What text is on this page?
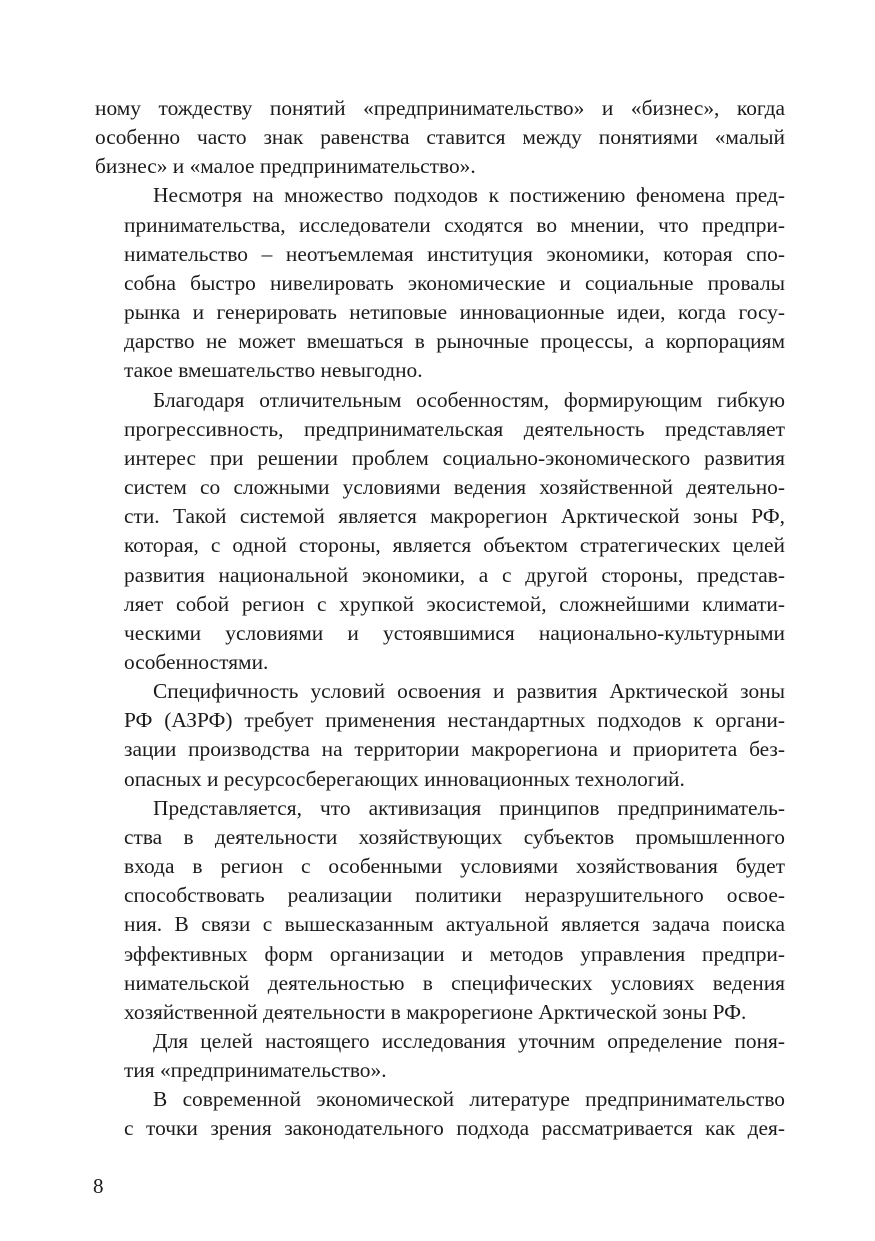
ному тождеству понятий «предпринимательство» и «бизнес», когда
особенно часто знак равенства ставится между понятиями «малый
бизнес» и «малое предпринимательство».
Несмотря на множество подходов к постижению феномена пред-
принимательства, исследователи сходятся во мнении, что предпри-
нимательство – неотъемлемая институция экономики, которая спо-
собна быстро нивелировать экономические и социальные провалы
рынка и генерировать нетиповые инновационные идеи, когда госу-
дарство не может вмешаться в рыночные процессы, а корпорациям
такое вмешательство невыгодно.
Благодаря отличительным особенностям, формирующим гибкую
прогрессивность, предпринимательская деятельность представляет
интерес при решении проблем социально-экономического развития
систем со сложными условиями ведения хозяйственной деятельно-
сти. Такой системой является макрорегион Арктической зоны РФ,
которая, с одной стороны, является объектом стратегических целей
развития национальной экономики, а с другой стороны, представ-
ляет собой регион с хрупкой экосистемой, сложнейшими климати-
ческими условиями и устоявшимися национально-культурными
особенностями.
Специфичность условий освоения и развития Арктической зоны
РФ (АЗРФ) требует применения нестандартных подходов к органи-
зации производства на территории макрорегиона и приоритета без-
опасных и ресурсосберегающих инновационных технологий.
Представляется, что активизация принципов предприниматель-
ства в деятельности хозяйствующих субъектов промышленного
входа в регион с особенными условиями хозяйствования будет
способствовать реализации политики неразрушительного освое-
ния. В связи с вышесказанным актуальной является задача поиска
эффективных форм организации и методов управления предпри-
нимательской деятельностью в специфических условиях ведения
хозяйственной деятельности в макрорегионе Арктической зоны РФ.
Для целей настоящего исследования уточним определение поня-
тия «предпринимательство».
В современной экономической литературе предпринимательство
с точки зрения законодательного подхода рассматривается как дея-
8
